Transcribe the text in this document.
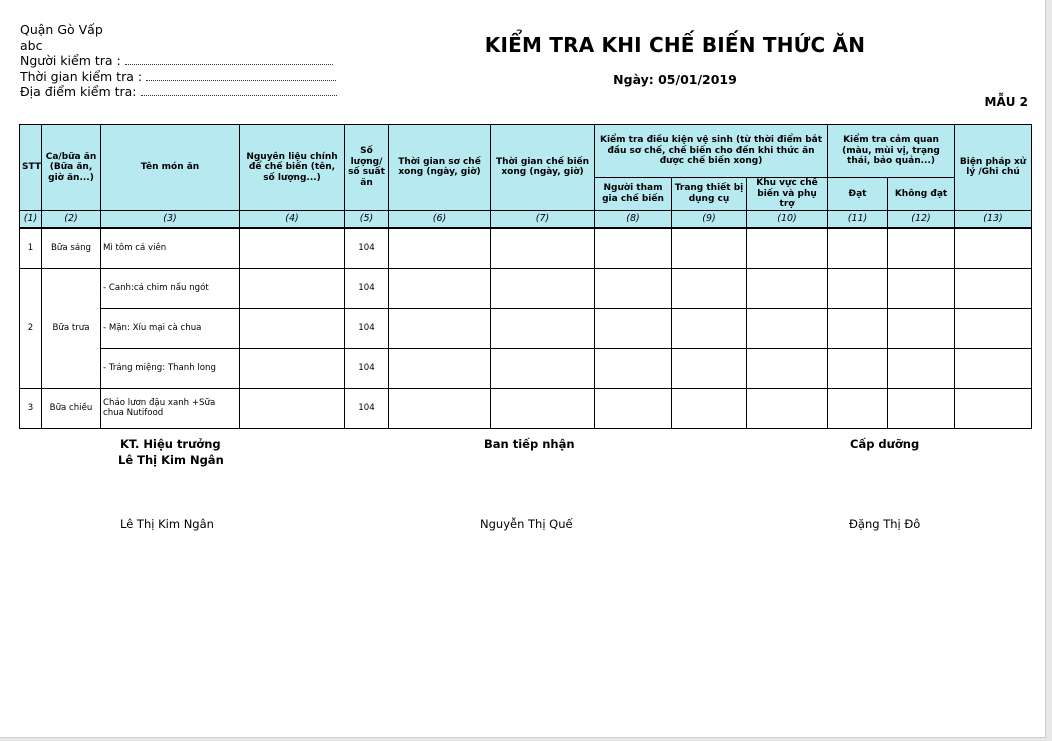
Quận Gò Vấp
abc
Người kiểm tra :
Thời gian kiểm tra :
Địa điểm kiểm tra:
KIỂM TRA KHI CHẾ BIẾN THỨC ĂN
Ngày: 05/01/2019
MẪU 2
STT	Ca/bữa ăn (Bữa ăn, giờ ăn...)	Tên món ăn	Nguyên liệu chính để chế biến (tên, số lượng...)	Số lượng/ số suất ăn	Thời gian sơ chế xong (ngày, giờ)	Thời gian chế biến xong (ngày, giờ)	Kiểm tra điều kiện vệ sinh (từ thời điểm bắt đầu sơ chế, chế biến cho đến khi thức ăn được chế biến xong)			Kiểm tra cảm quan (màu, mùi vị, trạng thái, bảo quản...)		Biện pháp xử lý /Ghi chú
							Người tham gia chế biến	Trang thiết bị dụng cụ	Khu vực chế biến và phụ trợ	Đạt	Không đạt	
(1)	(2)	(3)	(4)	(5)	(6)	(7)	(8)	(9)	(10)	(11)	(12)	(13)
1	Bữa sáng	Mì tôm cá viên		104								
2	Bữa trưa	- Canh:cá chim nấu ngót		104								
		- Mặn: Xíu mại cà chua		104								
		- Tráng miệng: Thanh long		104								
3	Bữa chiều	Cháo lươn đậu xanh +Sữa chua Nutifood		104								
KT. Hiệu trưởng
Lê Thị Kim Ngân
Ban tiếp nhận	Cấp dưỡng
Lê Thị Kim Ngân	Nguyễn Thị Quế	Đặng Thị Đô
